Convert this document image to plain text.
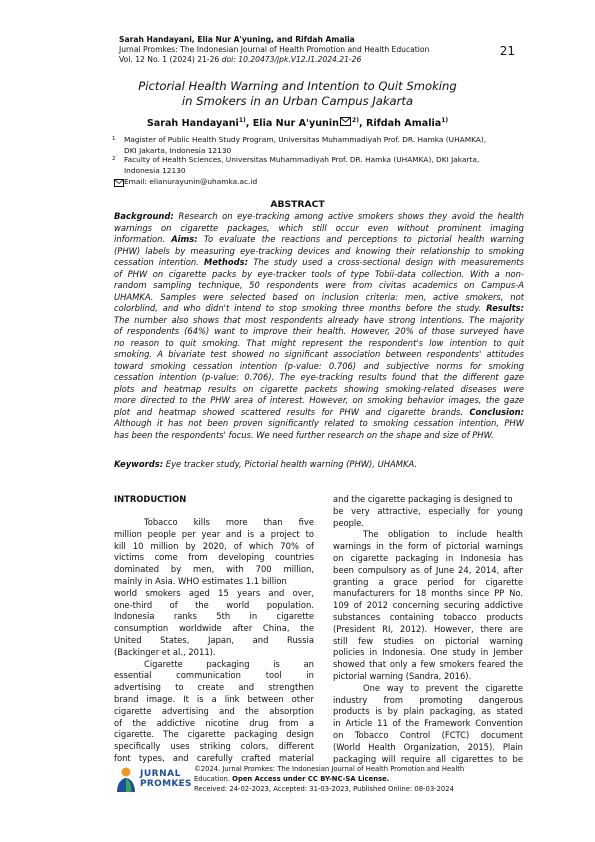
Sarah Handayani, Elia Nur A'yuning, and Rifdah Amalia
Jurnal Promkes: The Indonesian Journal of Health Promotion and Health Education
Vol. 12 No. 1 (2024) 21-26 doi: 10.20473/jpk.V12.I1.2024.21-26
21
Pictorial Health Warning and Intention to Quit Smoking
in Smokers in an Urban Campus Jakarta
Sarah Handayani$^{1)}$, Elia Nur A'yunin $^{2)}$, Rifdah Amalia$^{1)}$
1	Magister of Public Health Study Program, Universitas Muhammadiyah Prof. DR. Hamka (UHAMKA),
DKI Jakarta, Indonesia 12130
2	Faculty of Health Sciences, Universitas Muhammadiyah Prof. DR. Hamka (UHAMKA), DKI Jakarta,
Indonesia 12130
Email: elianurayunin@uhamka.ac.id
ABSTRACT
Background: Research on eye-tracking among active smokers shows they avoid the health
warnings on cigarette packages, which still occur even without prominent imaging
information. Aims: To evaluate the reactions and perceptions to pictorial health warning
(PHW) labels by measuring eye-tracking devices and knowing their relationship to smoking
cessation intention. Methods: The study used a cross-sectional design with measurements
of PHW on cigarette packs by eye-tracker tools of type Tobii-data collection. With a non-
random sampling technique, 50 respondents were from civitas academics on Campus-A
UHAMKA. Samples were selected based on inclusion criteria: men, active smokers, not
colorblind, and who didn't intend to stop smoking three months before the study. Results:
The number also shows that most respondents already have strong intentions. The majority
of respondents (64%) want to improve their health. However, 20% of those surveyed have
no reason to quit smoking. That might represent the respondent's low intention to quit
smoking. A bivariate test showed no significant association between respondents' attitudes
toward smoking cessation intention (p-value: 0.706) and subjective norms for smoking
cessation intention (p-value: 0.706). The eye-tracking results found that the different gaze
plots and heatmap results on cigarette packets showing smoking-related diseases were
more directed to the PHW area of interest. However, on smoking behavior images, the gaze
plot and heatmap showed scattered results for PHW and cigarette brands. Conclusion:
Although it has not been proven significantly related to smoking cessation intention, PHW
has been the respondents' focus. We need further research on the shape and size of PHW.
Keywords: Eye tracker study, Pictorial health warning (PHW), UHAMKA.
INTRODUCTION
Tobacco kills more than five
million people per year and is a project to
kill 10 million by 2020, of which 70% of
victims come from developing countries
dominated by men, with 700 million,
mainly in Asia. WHO estimates 1.1 billion
world smokers aged 15 years and over,
one-third of the world population.
Indonesia ranks 5th in cigarette
consumption worldwide after China, the
United States, Japan, and Russia
(Backinger et al., 2011).
Cigarette packaging is an
essential communication tool in
advertising to create and strengthen
brand image. It is a link between other
cigarette advertising and the absorption
of the addictive nicotine drug from a
cigarette. The cigarette packaging design
specifically uses striking colors, different
font types, and carefully crafted material
and the cigarette packaging is designed to
be very attractive, especially for young
people.
The obligation to include health
warnings in the form of pictorial warnings
on cigarette packaging in Indonesia has
been compulsory as of June 24, 2014, after
granting a grace period for cigarette
manufacturers for 18 months since PP No.
109 of 2012 concerning securing addictive
substances containing tobacco products
(President RI, 2012). However, there are
still few studies on pictorial warning
policies in Indonesia. One study in Jember
showed that only a few smokers feared the
pictorial warning (Sandra, 2016).
One way to prevent the cigarette
industry from promoting dangerous
products is by plain packaging, as stated
in Article 11 of the Framework Convention
on Tobacco Control (FCTC) document
(World Health Organization, 2015). Plain
packaging will require all cigarettes to be
JURNAL
PROMKES
©2024. Jurnal Promkes: The Indonesian Journal of Health Promotion and Health
Education. Open Access under CC BY-NC-SA License.
Received: 24-02-2023, Accepted: 31-03-2023, Published Online: 08-03-2024
